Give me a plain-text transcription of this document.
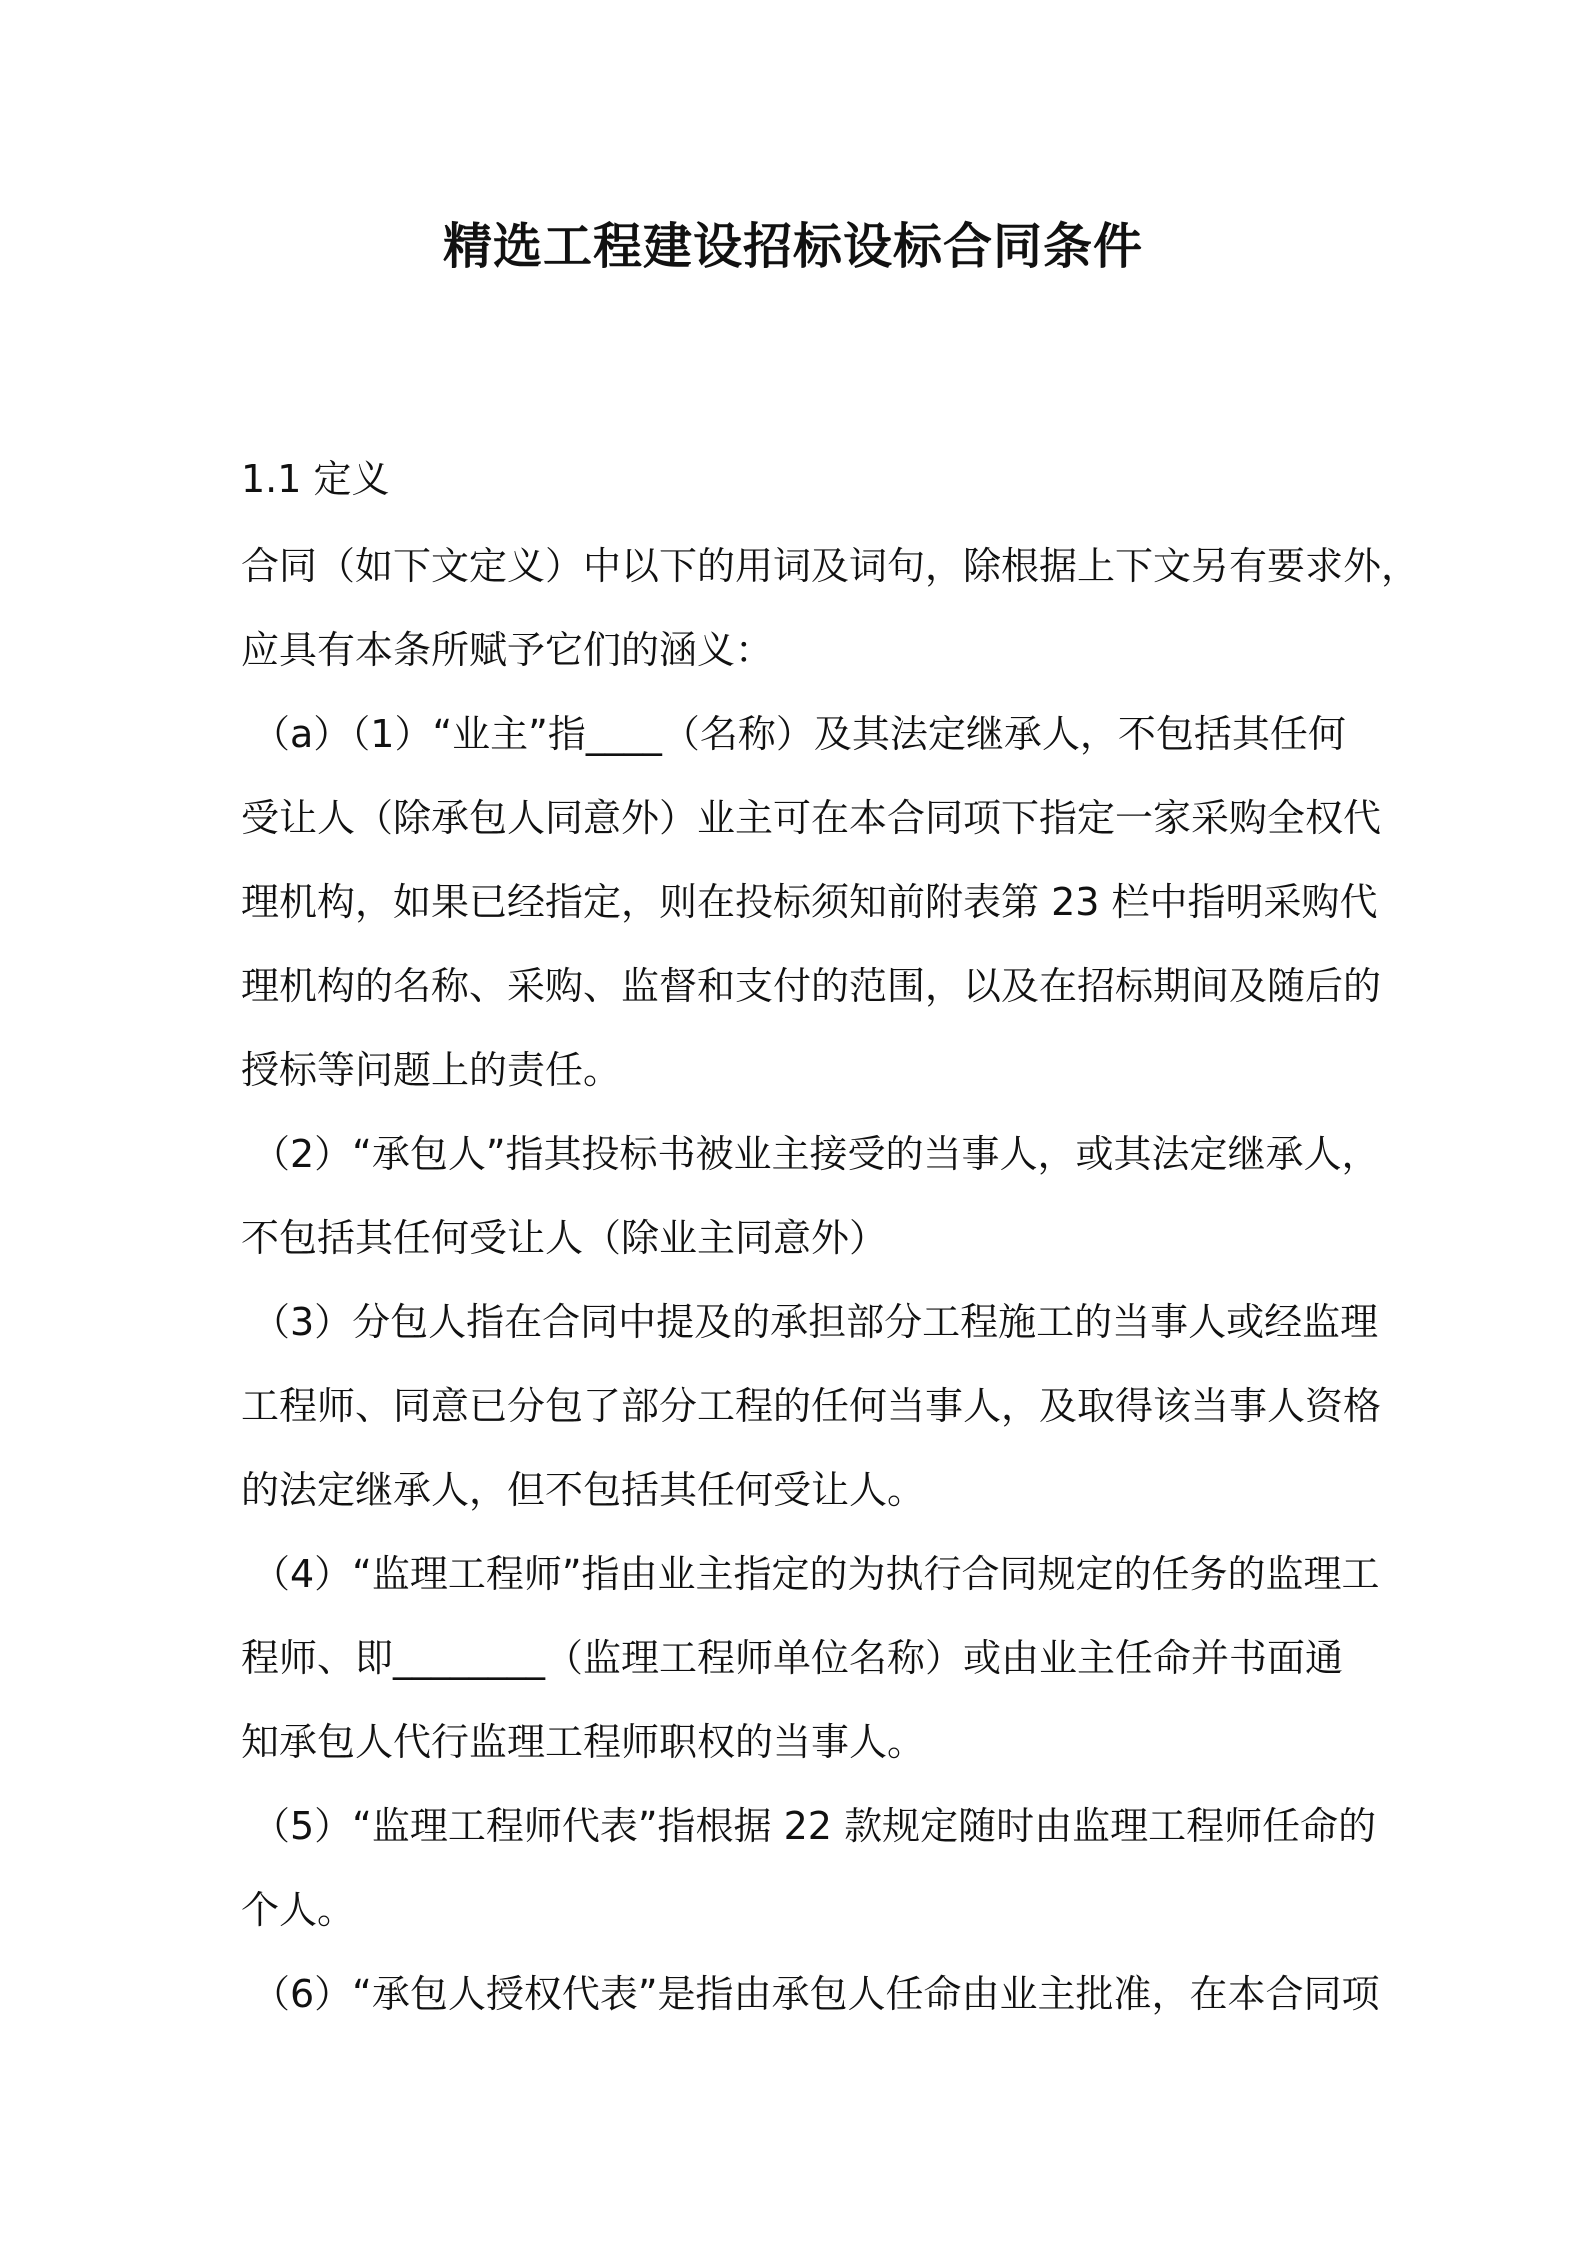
精选工程建设招标设标合同条件
1.1 定义
合同（如下文定义）中以下的用词及词句，除根据上下文另有要求外，
应具有本条所赋予它们的涵义：
（a）（1）“业主”指____（名称）及其法定继承人，不包括其任何
受让人（除承包人同意外）业主可在本合同项下指定一家采购全权代
理机构，如果已经指定，则在投标须知前附表第 23 栏中指明采购代
理机构的名称、采购、监督和支付的范围，以及在招标期间及随后的
授标等问题上的责任。
（2）“承包人”指其投标书被业主接受的当事人，或其法定继承人，
不包括其任何受让人（除业主同意外）
（3）分包人指在合同中提及的承担部分工程施工的当事人或经监理
工程师、同意已分包了部分工程的任何当事人，及取得该当事人资格
的法定继承人，但不包括其任何受让人。
（4）“监理工程师”指由业主指定的为执行合同规定的任务的监理工
程师、即________（监理工程师单位名称）或由业主任命并书面通
知承包人代行监理工程师职权的当事人。
（5）“监理工程师代表”指根据 22 款规定随时由监理工程师任命的
个人。
（6）“承包人授权代表”是指由承包人任命由业主批准，在本合同项
